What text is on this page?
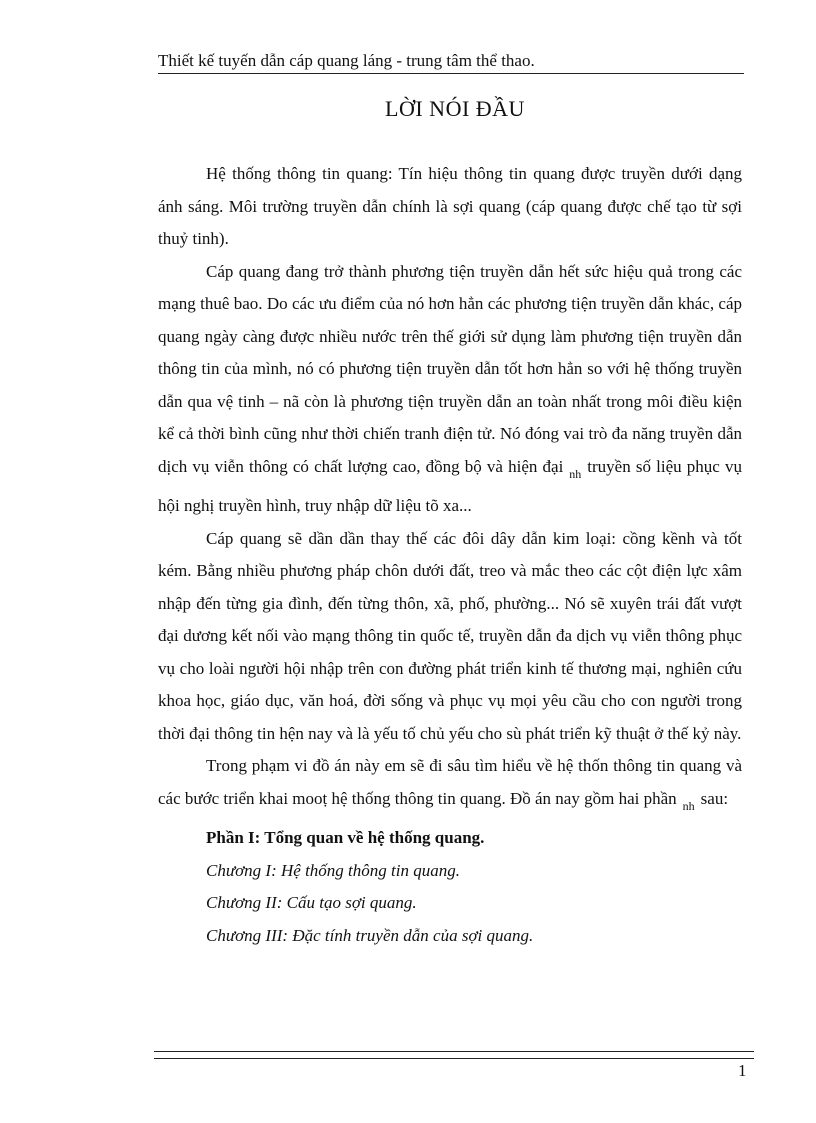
Thiết kế tuyến dẫn cáp quang láng - trung tâm thể thao.
LỜI NÓI ĐẦU

Hệ thống thông tin quang: Tín hiệu thông tin quang được truyền dưới dạng ánh sáng. Môi trường truyền dẫn chính là sợi quang (cáp quang được chế tạo từ sợi thuỷ tinh).

Cáp quang đang trở thành phương tiện truyền dẫn hết sức hiệu quả trong các mạng thuê bao. Do các ưu điểm của nó hơn hẳn các phương tiện truyền dẫn khác, cáp quang ngày càng được nhiều nước trên thế giới sử dụng làm phương tiện truyền dẫn thông tin của mình, nó có phương tiện truyền dẫn tốt hơn hẳn so với hệ thống truyền dẫn qua vệ tinh – nã còn là phương tiện truyền dẫn an toàn nhất trong môi điều kiện kể cả thời bình cũng như thời chiến tranh điện tử. Nó đóng vai trò đa năng truyền dẫn dịch vụ viễn thông có chất lượng cao, đồng bộ và hiện đại $_{nh}$ truyền số liệu phục vụ hội nghị truyền hình, truy nhập dữ liệu tõ xa...

Cáp quang sẽ dần dần thay thế các đôi dây dẫn kim loại: cồng kềnh và tốt kém. Bằng nhiều phương pháp chôn dưới đất, treo và mắc theo các cột điện lực xâm nhập đến từng gia đình, đến từng thôn, xã, phố, phường... Nó sẽ xuyên trái đất vượt đại dương kết nối vào mạng thông tin quốc tế, truyền dẫn đa dịch vụ viễn thông phục vụ cho loài người hội nhập trên con đường phát triển kinh tế thương mại, nghiên cứu khoa học, giáo dục, văn hoá, đời sống và phục vụ mọi yêu cầu cho con người trong thời đại thông tin hện nay và là yếu tố chủ yếu cho sù phát triển kỹ thuật ở thế kỷ này.

Trong phạm vi đồ án này em sẽ đi sâu tìm hiểu về hệ thốn thông tin quang và các bước triển khai mooṭ hệ thống thông tin quang. Đồ án nay gồm hai phần $_{nh}$ sau:

Phần I: Tổng quan về hệ thống quang.
Chương I: Hệ thống thông tin quang.
Chương II: Cấu tạo sợi quang.
Chương III: Đặc tính truyền dẫn của sợi quang.
1
